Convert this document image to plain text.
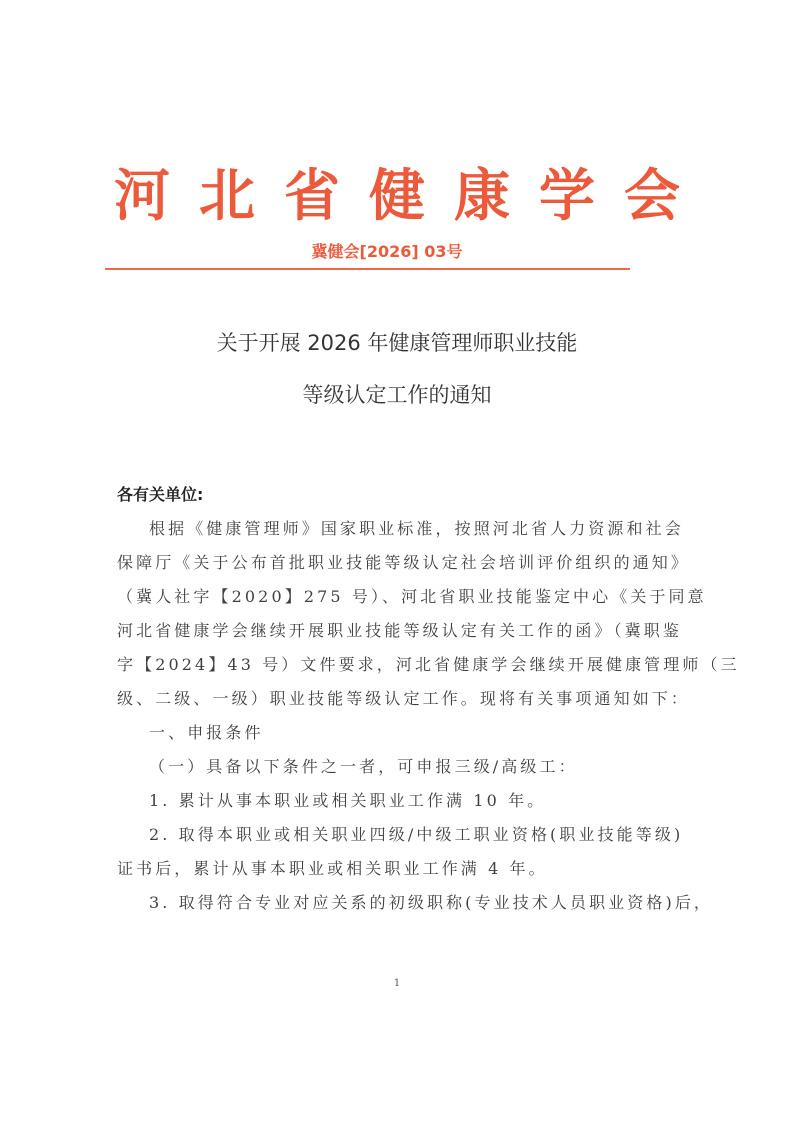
河 北 省 健 康 学 会
冀健会[2026] 03号
关于开展 2026 年健康管理师职业技能
等级认定工作的通知
各有关单位:
根据《健康管理师》国家职业标准，按照河北省人力资源和社会
保障厅《关于公布首批职业技能等级认定社会培训评价组织的通知》
（冀人社字【2020】275 号）、河北省职业技能鉴定中心《关于同意
河北省健康学会继续开展职业技能等级认定有关工作的函》（冀职鉴
字【2024】43 号）文件要求，河北省健康学会继续开展健康管理师（三
级、二级、一级）职业技能等级认定工作。现将有关事项通知如下：
一、申报条件
（一）具备以下条件之一者，可申报三级/高级工：
1. 累计从事本职业或相关职业工作满 10 年。
2. 取得本职业或相关职业四级/中级工职业资格(职业技能等级)
证书后，累计从事本职业或相关职业工作满 4 年。
3. 取得符合专业对应关系的初级职称(专业技术人员职业资格)后，
1
